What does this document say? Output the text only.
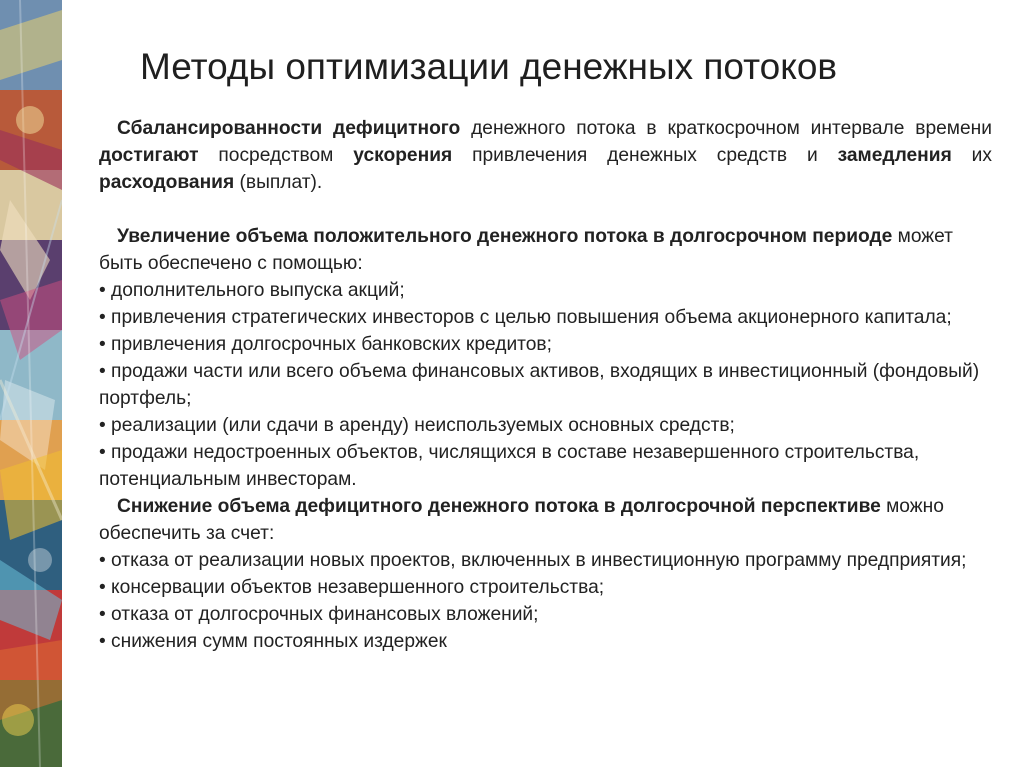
Методы оптимизации денежных потоков

Сбалансированности дефицитного денежного потока в краткосрочном интервале времени достигают посредством ускорения привлечения денежных средств и замедления их расходования (выплат).

Увеличение объема положительного денежного потока в долгосрочном периоде может быть обеспечено с помощью:

• дополнительного выпуска акций;

• привлечения стратегических инвесторов с целью повышения объема акционерного капитала;

• привлечения долгосрочных банковских кредитов;

• продажи части или всего объема финансовых активов, входящих в инвестиционный (фондовый) портфель;

• реализации (или сдачи в аренду) неиспользуемых основных средств;

• продажи недостроенных объектов, числящихся в составе незавершенного строительства, потенциальным инвесторам.

Снижение объема дефицитного денежного потока в долгосрочной перспективе можно обеспечить за счет:

• отказа от реализации новых проектов, включенных в инвестиционную программу предприятия;

• консервации объектов незавершенного строительства;

• отказа от долгосрочных финансовых вложений;

• снижения сумм постоянных издержек
